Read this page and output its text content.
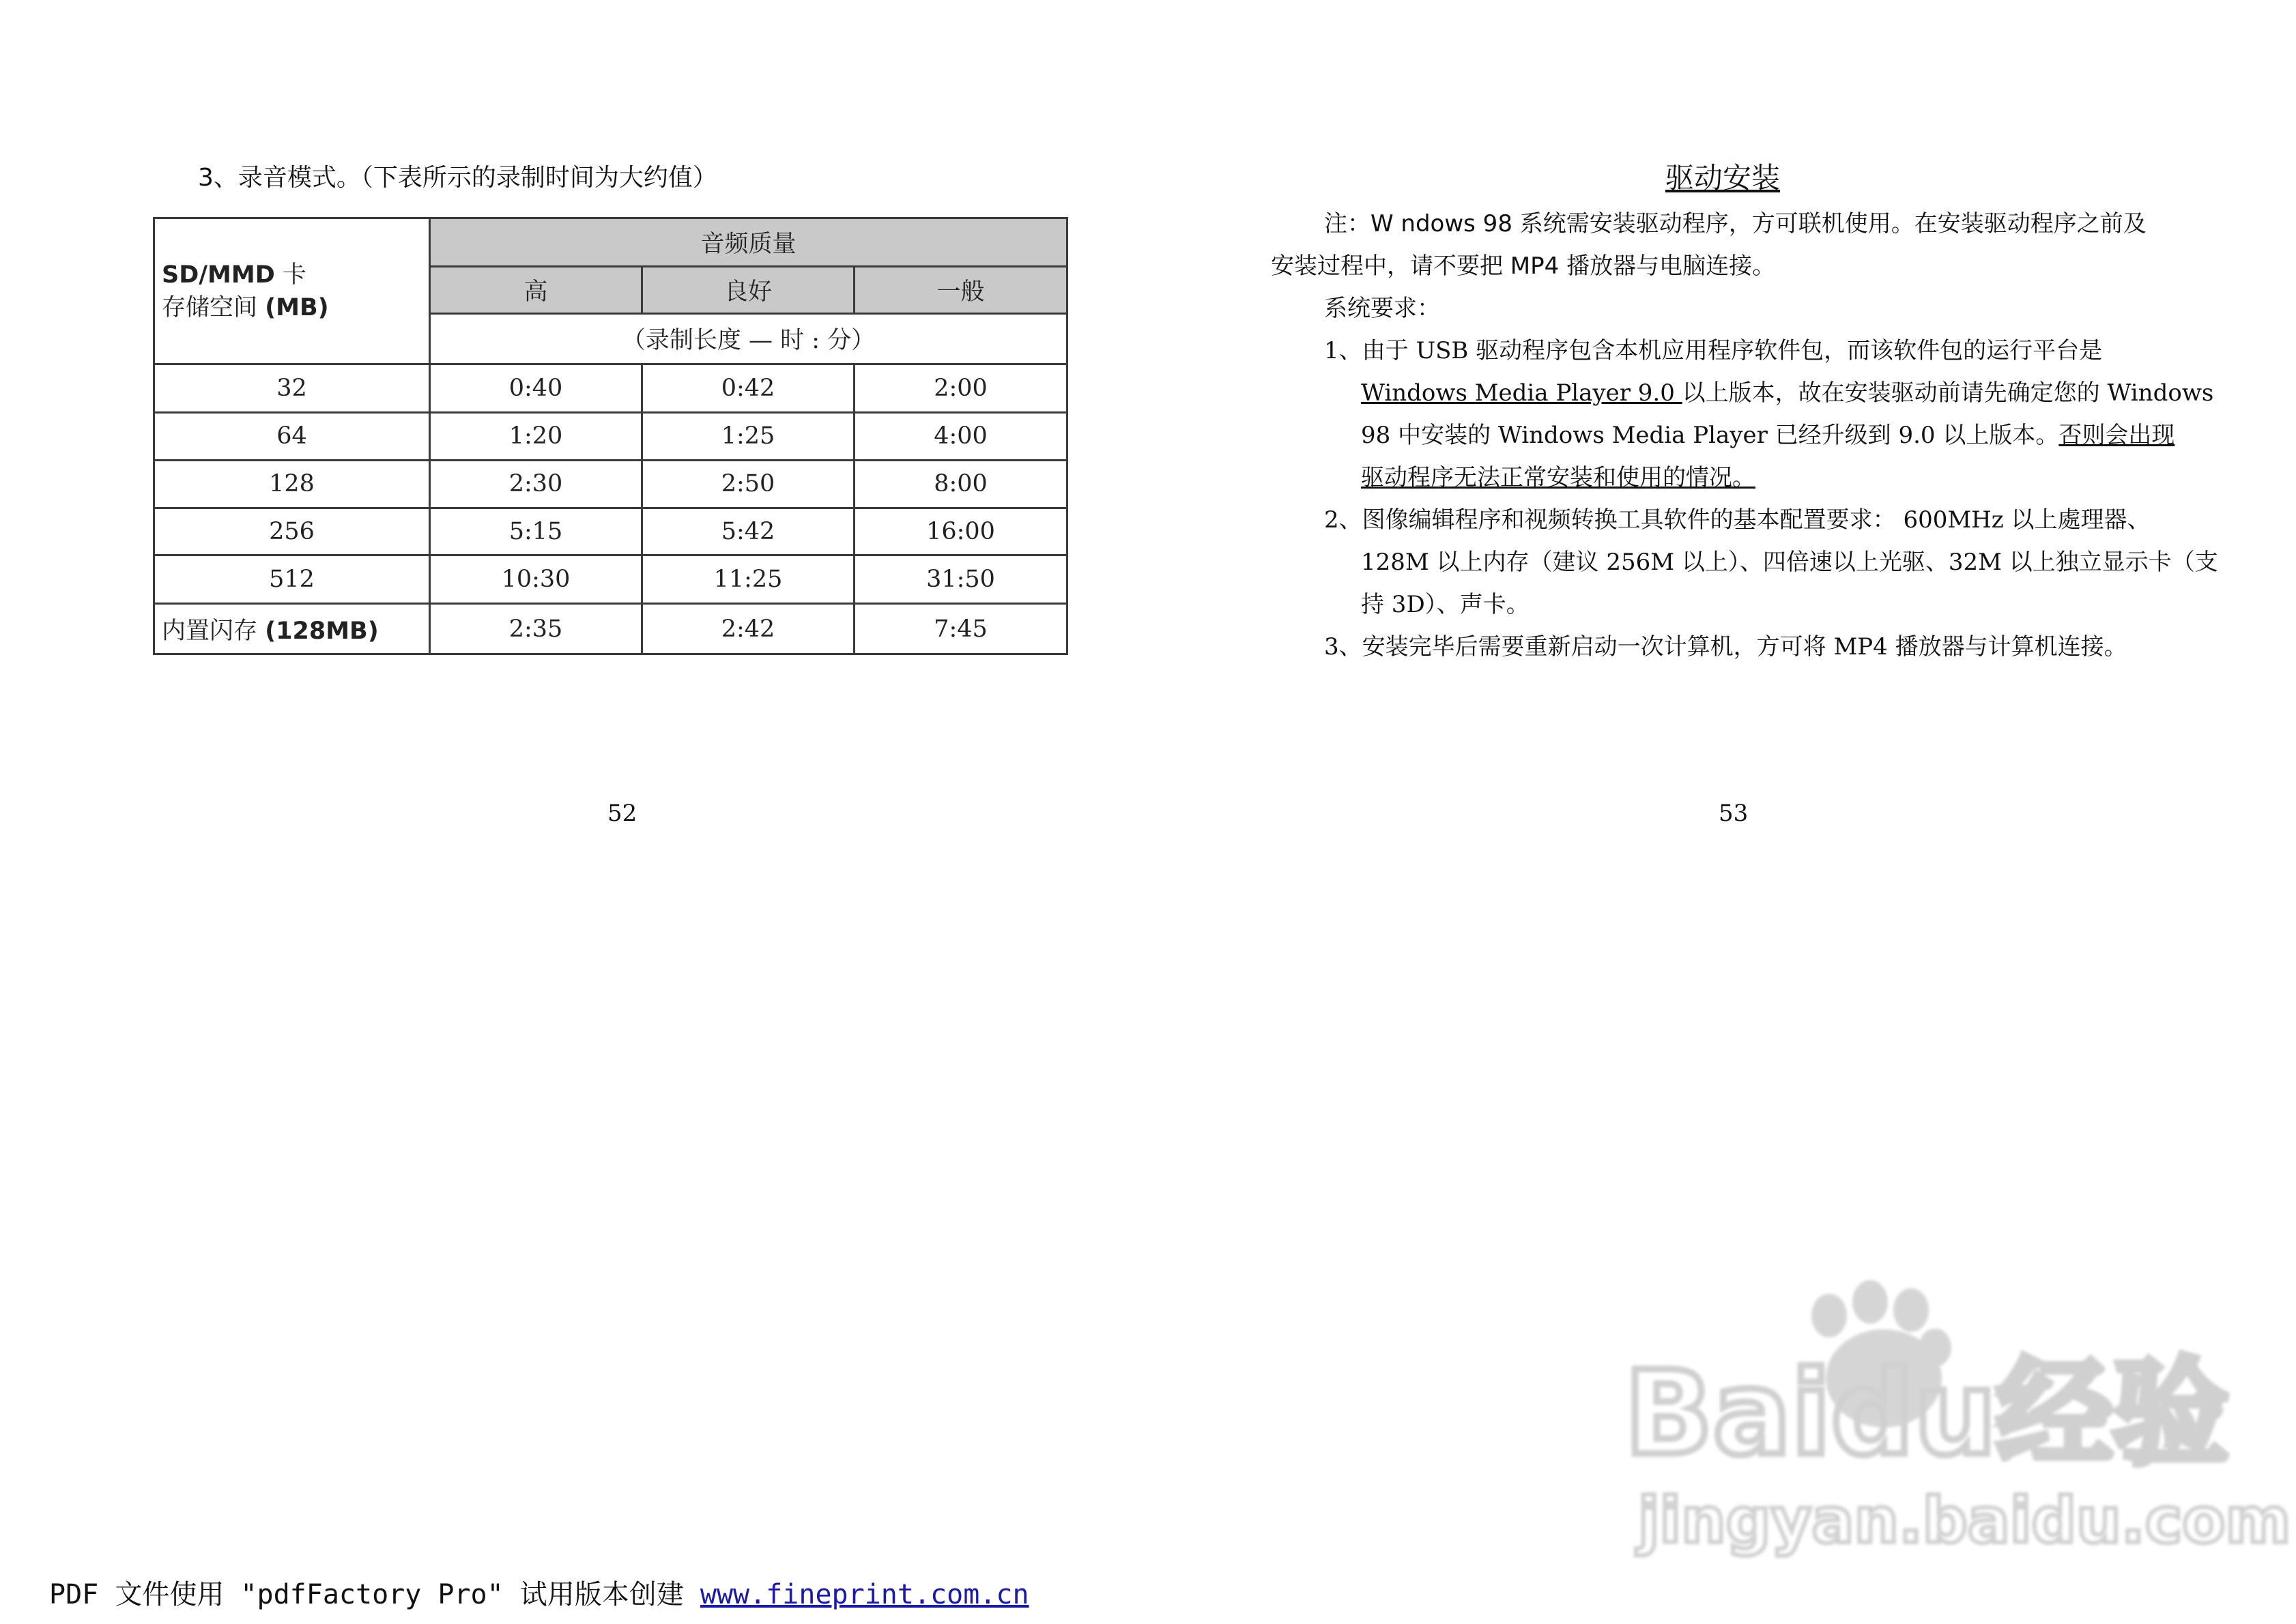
3、录音模式。（下表所示的录制时间为大约值）
SD/MMD 卡
存储空间 (MB)	音频质量		
	高	良好	一般
	（录制长度 — 时 : 分）		
32	0:40	0:42	2:00
64	1:20	1:25	4:00
128	2:30	2:50	8:00
256	5:15	5:42	16:00
512	10:30	11:25	31:50
内置闪存 (128MB)	2:35	2:42	7:45
52
驱动安装
注：W ndows 98 系统需安装驱动程序，方可联机使用。在安装驱动程序之前及
安装过程中，请不要把 MP4 播放器与电脑连接。
系统要求：
1、由于 USB 驱动程序包含本机应用程序软件包，而该软件包的运行平台是
Windows Media Player 9.0 以上版本，故在安装驱动前请先确定您的 Windows
98 中安装的 Windows Media Player 已经升级到 9.0 以上版本。否则会出现
驱动程序无法正常安装和使用的情况。
2、图像编辑程序和视频转换工具软件的基本配置要求： 600MHz 以上處理器、
128M 以上内存（建议 256M 以上）、四倍速以上光驱、32M 以上独立显示卡（支
持 3D）、声卡。
3、安装完毕后需要重新启动一次计算机，方可将 MP4 播放器与计算机连接。
53
Baidu经验
jingyan.baidu.com
PDF 文件使用 "pdfFactory Pro" 试用版本创建 www.fineprint.com.cn
